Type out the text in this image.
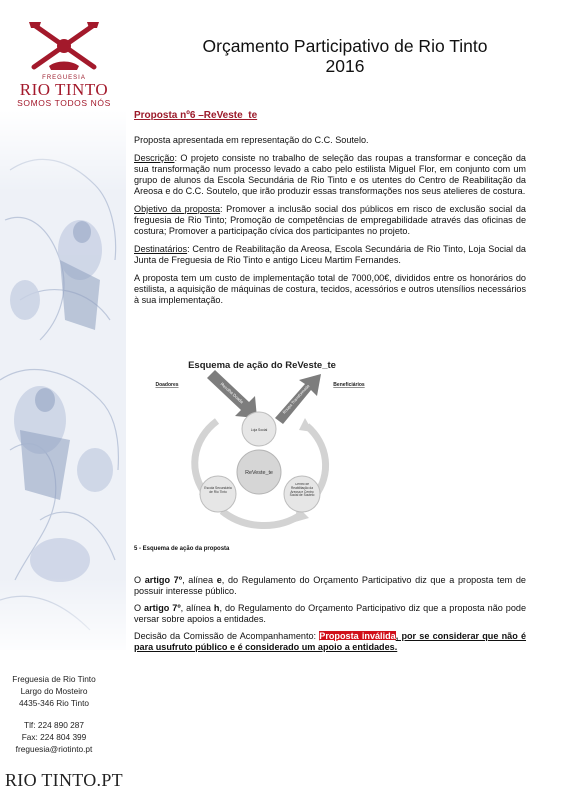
FREGUESIA
RIO TINTO
SOMOS TODOS NÓS
Freguesia de Rio Tinto
Largo do Mosteiro
4435-346 Rio Tinto
Tlf: 224 890 287
Fax: 224 804 399
freguesia@riotinto.pt
RIO TINTO.PT
Orçamento Participativo de Rio Tinto
2016

Proposta nº6 –ReVeste_te

Proposta apresentada em representação do C.C. Soutelo.

Descrição: O projeto consiste no trabalho de seleção das roupas a transformar e conceção da sua transformação num processo levado a cabo pelo estilista Miguel Flor, em conjunto com um grupo de alunos da Escola Secundária de Rio Tinto e os utentes do Centro de Reabilitação da Areosa e do C.C. Soutelo, que irão produzir essas transformações nos seus atelieres de costura.

Objetivo da proposta: Promover a inclusão social dos públicos em risco de exclusão social da freguesia de Rio Tinto; Promoção de competências de empregabilidade através das oficinas de costura; Promover a participação cívica dos participantes no projeto.

Destinatários: Centro de Reabilitação da Areosa, Escola Secundária de Rio Tinto, Loja Social da Junta de Freguesia de Rio Tinto e antigo Liceu Martim Fernandes.

A proposta tem um custo de implementação total de 7000,00€, divididos entre os honorários do estilista, a aquisição de máquinas de costura, tecidos, acessórios e outros utensílios necessários à sua implementação.

Esquema de ação do ReVeste_te
Doadores	Beneficiários
Recolha Doada	Roupa Transformada
Loja Social
ReVeste_te
Escola Secundária de Rio Tinto
Centro de Reabilitação da Areosa e Centro Social de Soutelo
5 - Esquema de ação da proposta

O artigo 7º, alínea e, do Regulamento do Orçamento Participativo diz que a proposta tem de possuir interesse público.

O artigo 7º, alínea h, do Regulamento do Orçamento Participativo diz que a proposta não pode versar sobre apoios a entidades.

Decisão da Comissão de Acompanhamento: Proposta inválida, por se considerar que não é para usufruto público e é considerado um apoio a entidades.
